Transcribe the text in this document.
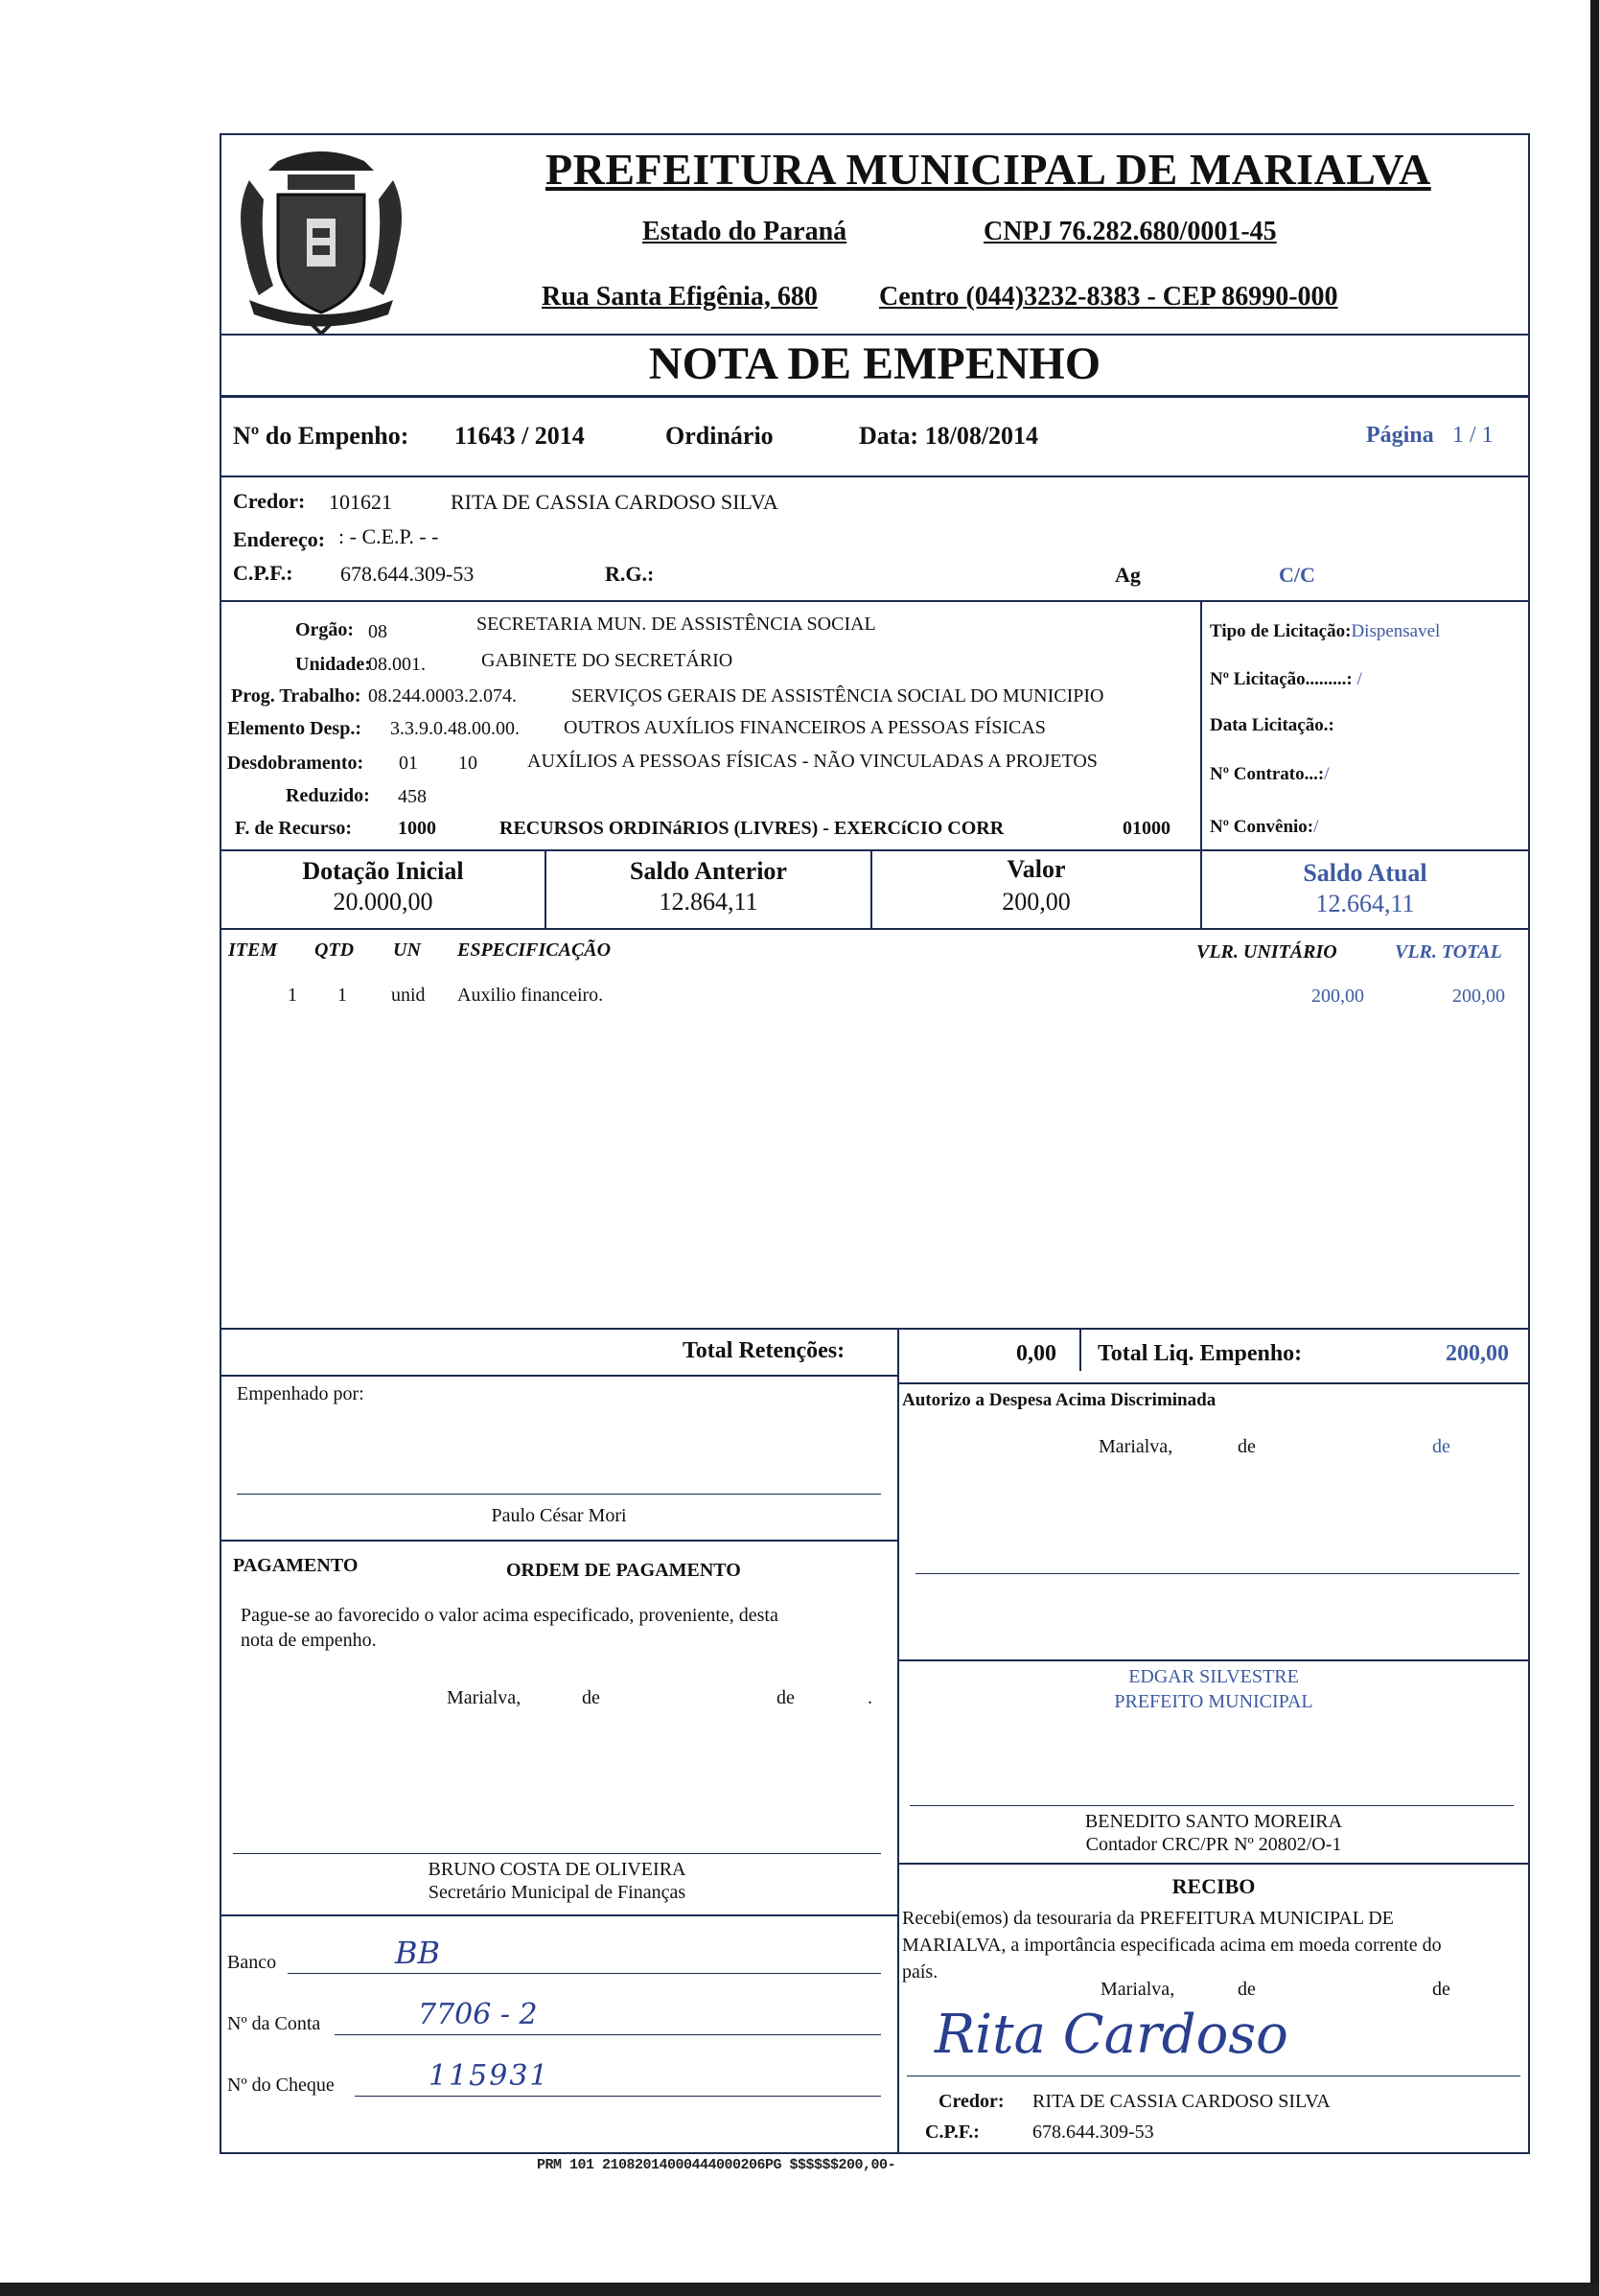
PREFEITURA MUNICIPAL DE MARIALVA
Estado do Paraná	CNPJ 76.282.680/0001-45
Rua Santa Efigênia, 680 Centro (044)3232-8383 - CEP 86990-000
NOTA DE EMPENHO
Nº do Empenho: 11643 / 2014	Ordinário	Data: 18/08/2014	Página 1 / 1
Credor: 101621	RITA DE CASSIA CARDOSO SILVA
Endereço: : - C.E.P. - -
C.P.F.: 678.644.309-53	R.G.:	Ag	C/C
Orgão: 08	SECRETARIA MUN. DE ASSISTÊNCIA SOCIAL
Unidade:
08.001.	GABINETE DO SECRETÁRIO
Prog. Trabalho: 08.244.0003.2.074.	SERVIÇOS GERAIS DE ASSISTÊNCIA SOCIAL DO MUNICIPIO
Elemento Desp.: 3.3.9.0.48.00.00. OUTROS AUXÍLIOS FINANCEIROS A PESSOAS FÍSICAS
Desdobramento: 01 10	AUXÍLIOS A PESSOAS FÍSICAS - NÃO VINCULADAS A PROJETOS
Reduzido: 458
F. de Recurso: 1000	RECURSOS ORDINáRIOS (LIVRES) - EXERCíCIO CORR	01000
Tipo de Licitação:Dispensavel
Nº Licitação.........: /
Data Licitação.:
Nº Contrato...:/
Nº Convênio:/
Dotação Inicial
20.000,00
Saldo Anterior
12.864,11
Valor
200,00
Saldo Atual
12.664,11
ITEM QTD UN ESPECIFICAÇÃO	VLR. UNITÁRIO	VLR. TOTAL
1 1 unid Auxilio financeiro.	200,00	200,00
Total Retenções:	0,00 Total Liq. Empenho:	200,00
Empenhado por:
Paulo César Mori
Autorizo a Despesa Acima Discriminada
Marialva,	de	de
PAGAMENTO	ORDEM DE PAGAMENTO
Pague-se ao favorecido o valor acima especificado, proveniente, desta
nota de empenho.
Marialva,	de	de	.
EDGAR SILVESTRE
PREFEITO MUNICIPAL
BENEDITO SANTO MOREIRA
Contador CRC/PR Nº 20802/O-1
BRUNO COSTA DE OLIVEIRA
Secretário Municipal de Finanças	RECIBO
Recebi(emos) da tesouraria da PREFEITURA MUNICIPAL DE
MARIALVA, a importância especificada acima em moeda corrente do
país.
Marialva,	de	de
Rita Cardoso
Credor: RITA DE CASSIA CARDOSO SILVA
C.P.F.:	678.644.309-53
Banco	BB
Nº da Conta	7706 - 2
Nº do Cheque	115931
PRM 101 21082014000444000206PG $$$$$$200,00-
